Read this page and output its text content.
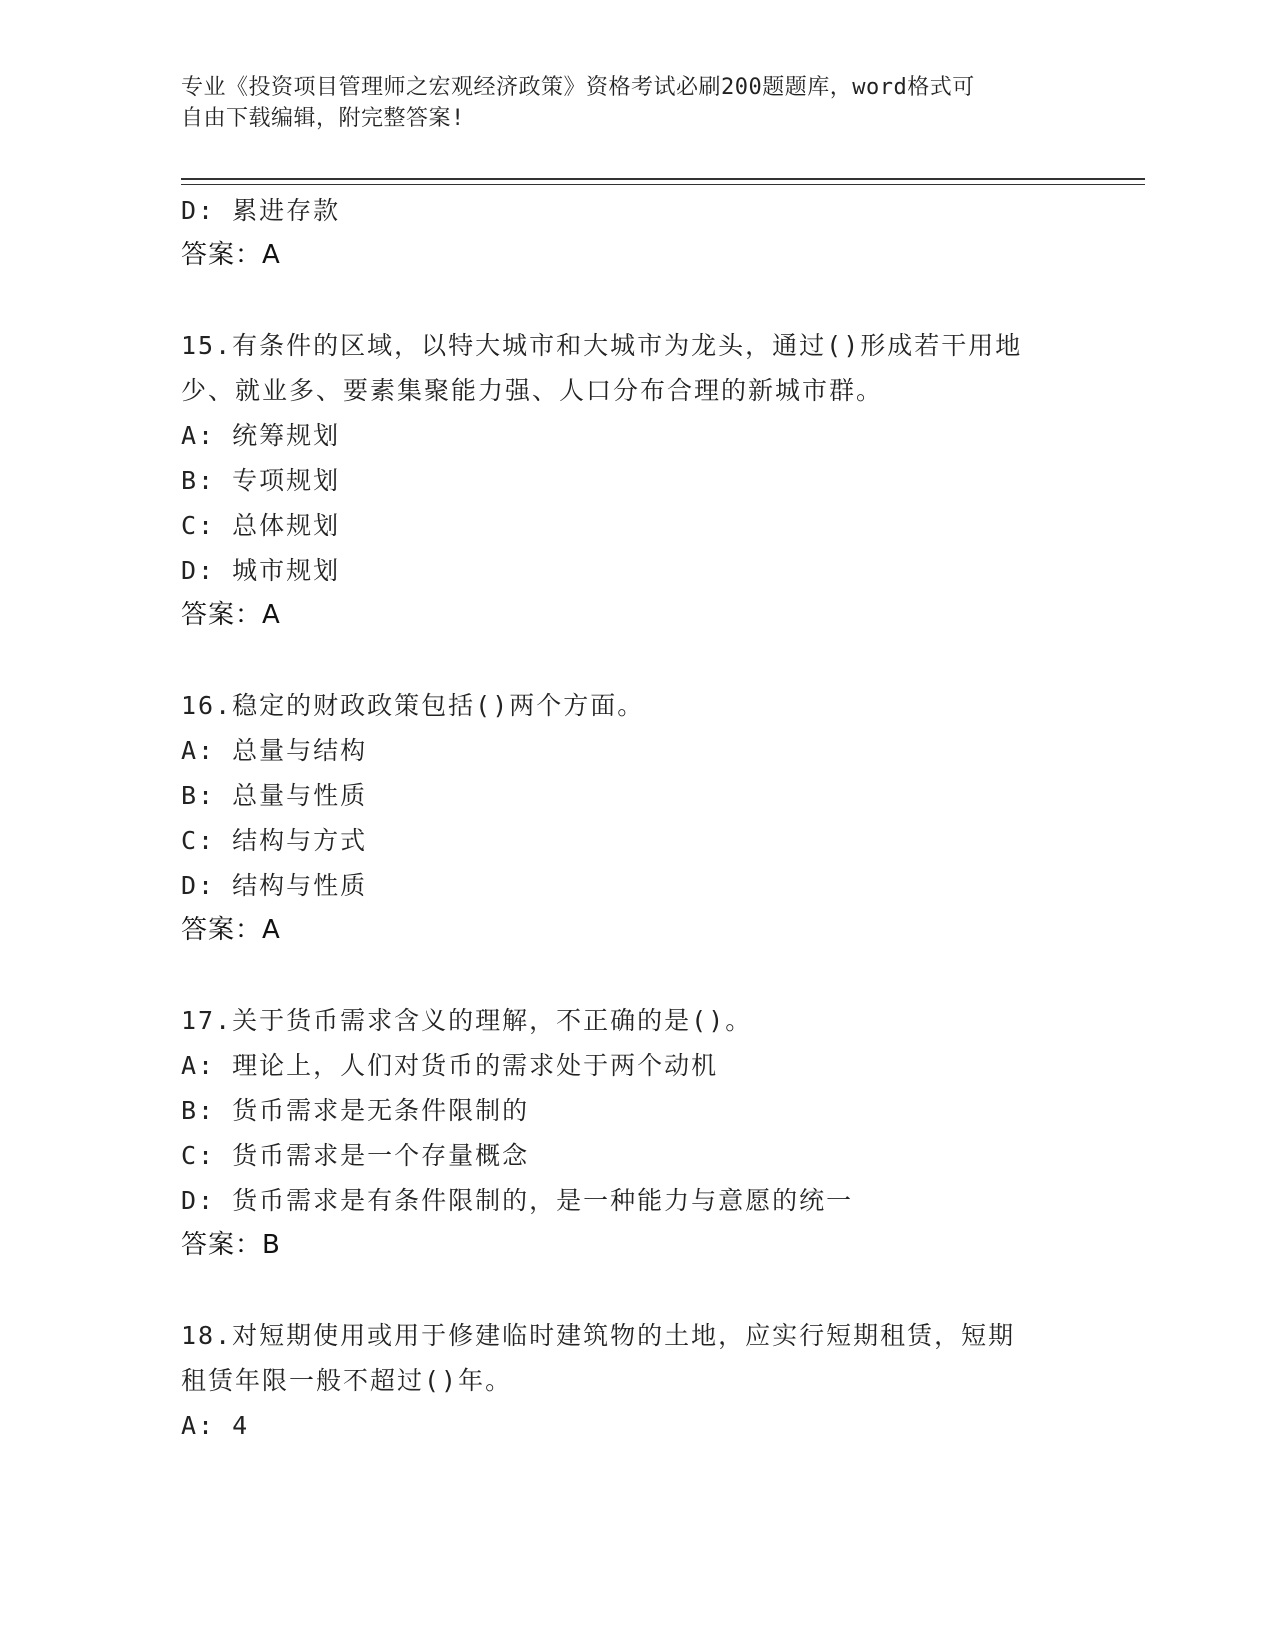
专业《投资项目管理师之宏观经济政策》资格考试必刷200题题库，word格式可
自由下载编辑，附完整答案!
D: 累进存款
答案：A
15.有条件的区域，以特大城市和大城市为龙头，通过()形成若干用地
少、就业多、要素集聚能力强、人口分布合理的新城市群。
A: 统筹规划
B: 专项规划
C: 总体规划
D: 城市规划
答案：A
16.稳定的财政政策包括()两个方面。
A: 总量与结构
B: 总量与性质
C: 结构与方式
D: 结构与性质
答案：A
17.关于货币需求含义的理解，不正确的是()。
A: 理论上，人们对货币的需求处于两个动机
B: 货币需求是无条件限制的
C: 货币需求是一个存量概念
D: 货币需求是有条件限制的，是一种能力与意愿的统一
答案：B
18.对短期使用或用于修建临时建筑物的土地，应实行短期租赁，短期
租赁年限一般不超过()年。
A: 4
